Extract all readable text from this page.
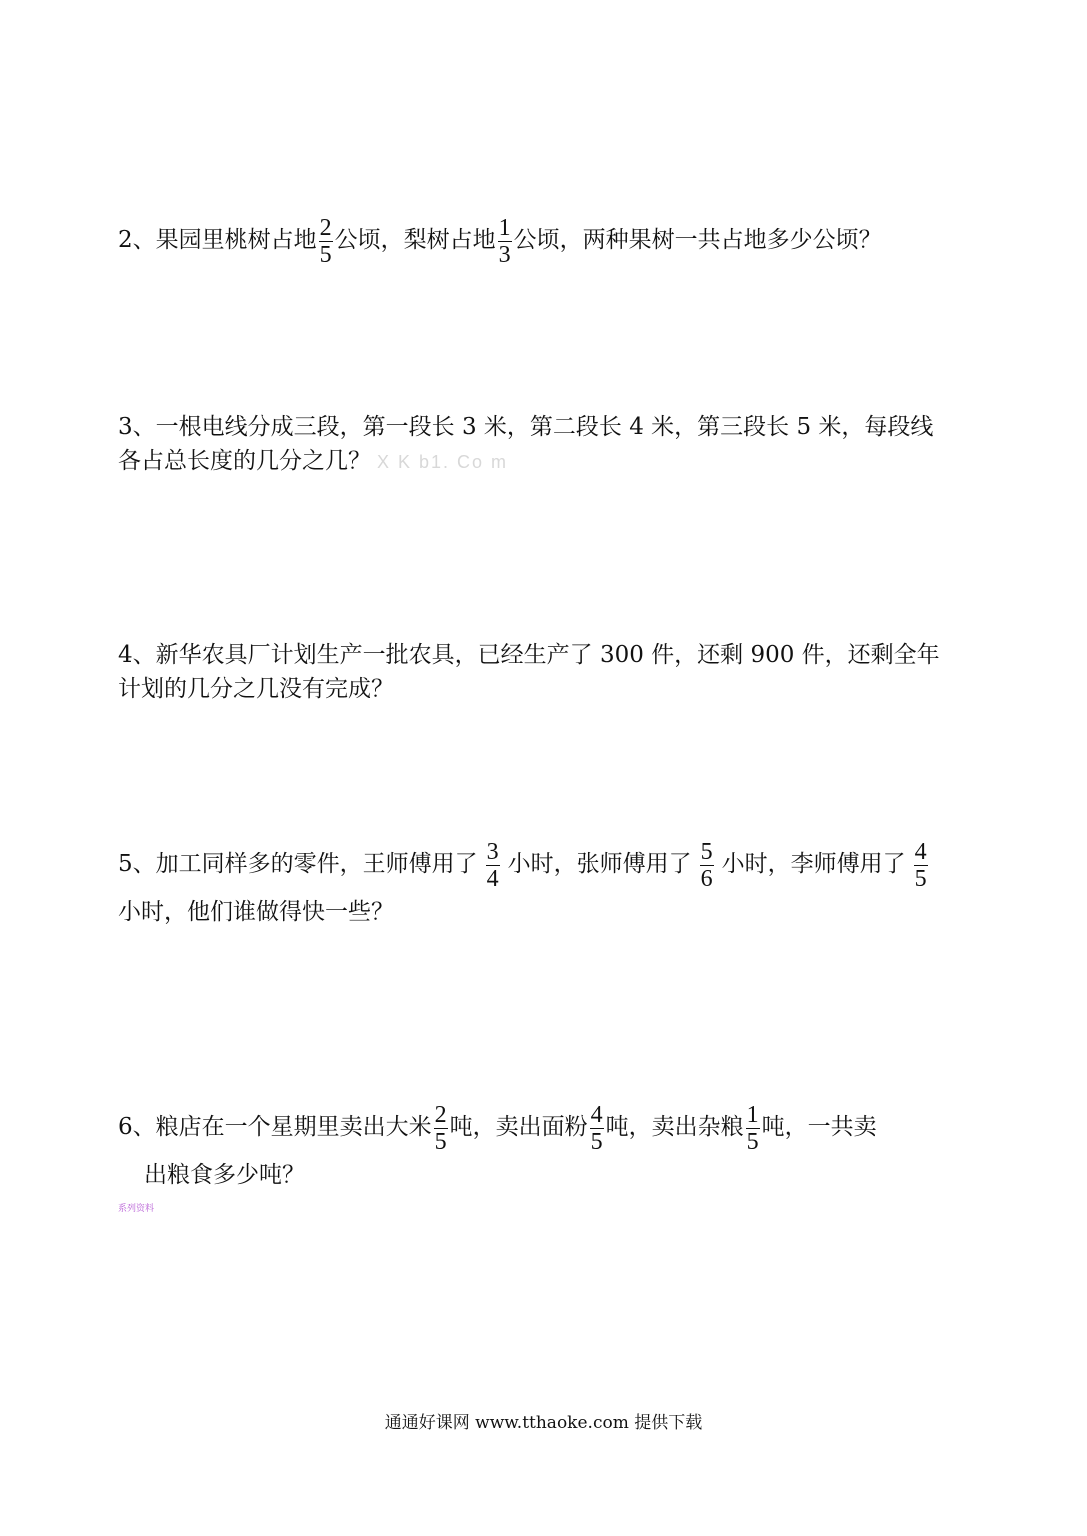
2、果园里桃树占地 $\frac{2}{5}$ 公顷，梨树占地 $\frac{1}{3}$ 公顷，两种果树一共占地多少公顷？
3、一根电线分成三段，第一段长 3 米，第二段长 4 米，第三段长 5 米，每段线
各占总长度的几分之几？ X K b1. Co m
4、新华农具厂计划生产一批农具，已经生产了 300 件，还剩 900 件，还剩全年
计划的几分之几没有完成？
5、加工同样多的零件，王师傅用了 $\frac{3}{4}$ 小时，张师傅用了 $\frac{5}{6}$ 小时，李师傅用了 $\frac{4}{5}$
小时，他们谁做得快一些？
6、粮店在一个星期里卖出大米 $\frac{2}{5}$ 吨，卖出面粉 $\frac{4}{5}$ 吨，卖出杂粮 $\frac{1}{5}$ 吨，一共卖
出粮食多少吨？
系列资料
通通好课网 www.tthaoke.com 提供下载
